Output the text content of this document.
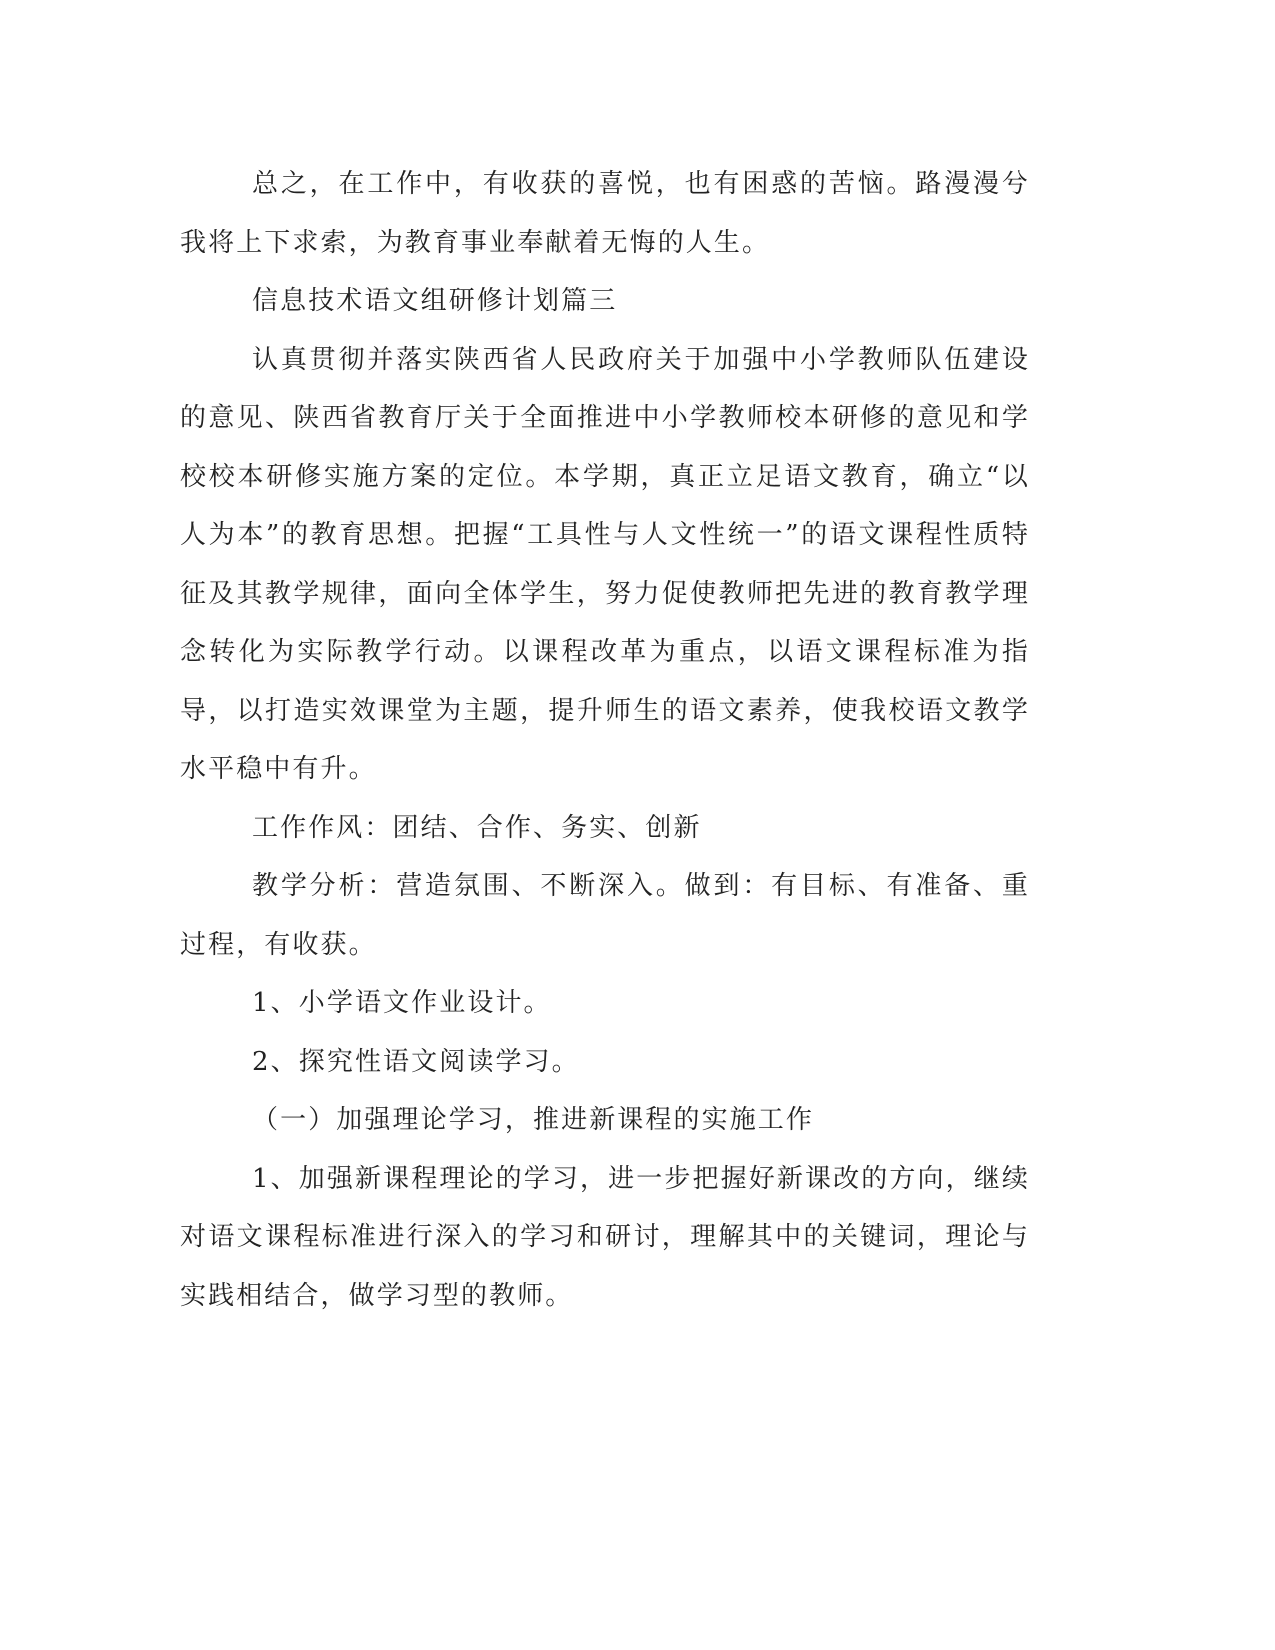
总之，在工作中，有收获的喜悦，也有困惑的苦恼。路漫漫兮我将上下求索，为教育事业奉献着无悔的人生。

信息技术语文组研修计划篇三

认真贯彻并落实陕西省人民政府关于加强中小学教师队伍建设的意见、陕西省教育厅关于全面推进中小学教师校本研修的意见和学校校本研修实施方案的定位。本学期，真正立足语文教育，确立“以人为本”的教育思想。把握“工具性与人文性统一”的语文课程性质特征及其教学规律，面向全体学生，努力促使教师把先进的教育教学理念转化为实际教学行动。以课程改革为重点，以语文课程标准为指导，以打造实效课堂为主题，提升师生的语文素养，使我校语文教学水平稳中有升。

工作作风：团结、合作、务实、创新

教学分析：营造氛围、不断深入。做到：有目标、有准备、重过程，有收获。

1、小学语文作业设计。

2、探究性语文阅读学习。

（一）加强理论学习，推进新课程的实施工作

1、加强新课程理论的学习，进一步把握好新课改的方向，继续对语文课程标准进行深入的学习和研讨，理解其中的关键词，理论与实践相结合，做学习型的教师。
